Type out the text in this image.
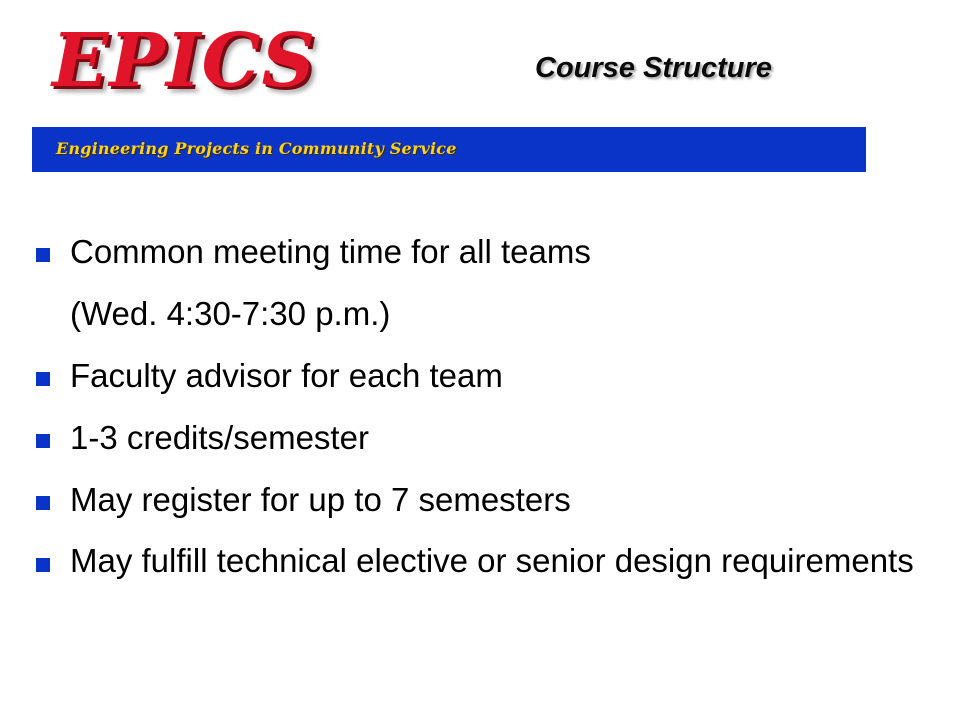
EPICS	Course Structure
Engineering Projects in Community Service
Common meeting time for all teams
(Wed. 4:30-7:30 p.m.)
Faculty advisor for each team
1-3 credits/semester
May register for up to 7 semesters
May fulfill technical elective or senior design requirements
